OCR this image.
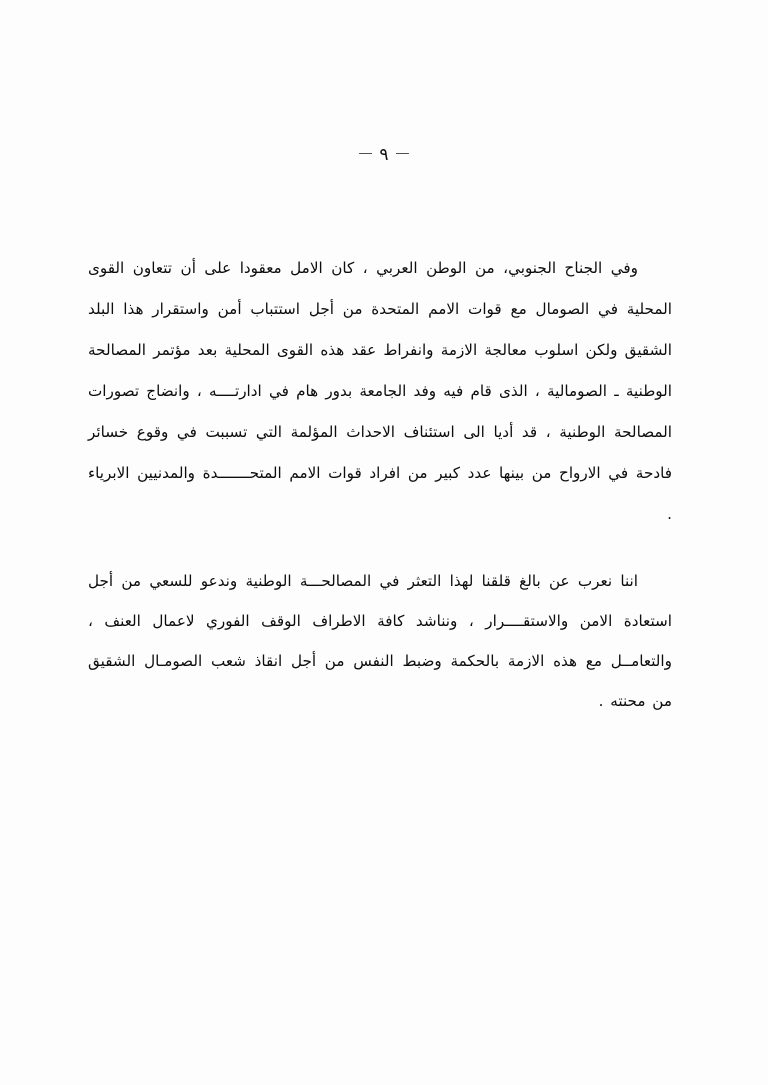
－ ٩ －

وفي الجناح الجنوبي، من الوطن العربي ، كان الامل معقودا على أن تتعاون القوى المحلية في الصومال مع قوات الامم المتحدة من أجل استتباب أمن واستقرار هذا البلد الشقيق ولكن اسلوب معالجة الازمة وانفراط عقد هذه القوى المحلية بعد مؤتمر المصالحة الوطنية ـ الصومالية ، الذى قام فيه وفد الجامعة بدور هام في ادارتــــه ، وانضاج تصورات المصالحة الوطنية ، قد أديا الى استئناف الاحداث المؤلمة التي تسببت في وقوع خسائر فادحة في الارواح من بينها عدد كبير من افراد قوات الامم المتحـــــــدة والمدنيين الابرياء .

اننا نعرب عن بالغ قلقنا لهذا التعثر في المصالحـــة الوطنية وندعو للسعي من أجل استعادة الامن والاستقــــرار ، ونناشد كافة الاطراف الوقف الفوري لاعمال العنف ، والتعامــل مع هذه الازمة بالحكمة وضبط النفس من أجل انقاذ شعب الصومـال الشقيق من محنته .
